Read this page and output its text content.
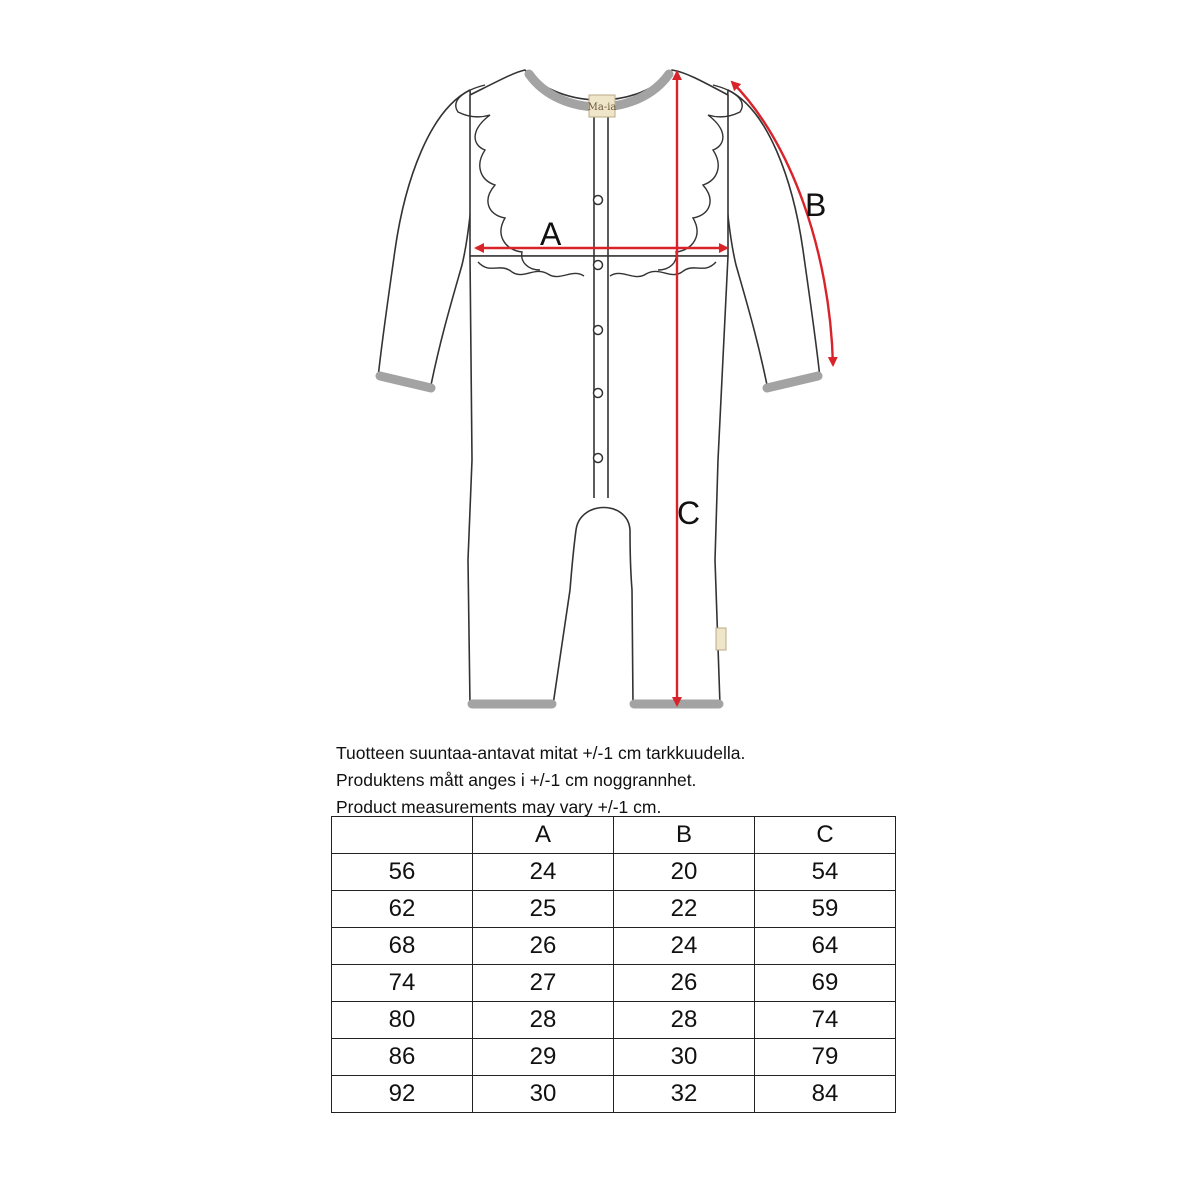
Ma-ia
A
B
C
Tuotteen suuntaa-antavat mitat +/-1 cm tarkkuudella.
Produktens mått anges i +/-1 cm noggrannhet.
Product measurements may vary +/-1 cm.
	A	B	C
56	24	20	54
62	25	22	59
68	26	24	64
74	27	26	69
80	28	28	74
86	29	30	79
92	30	32	84
